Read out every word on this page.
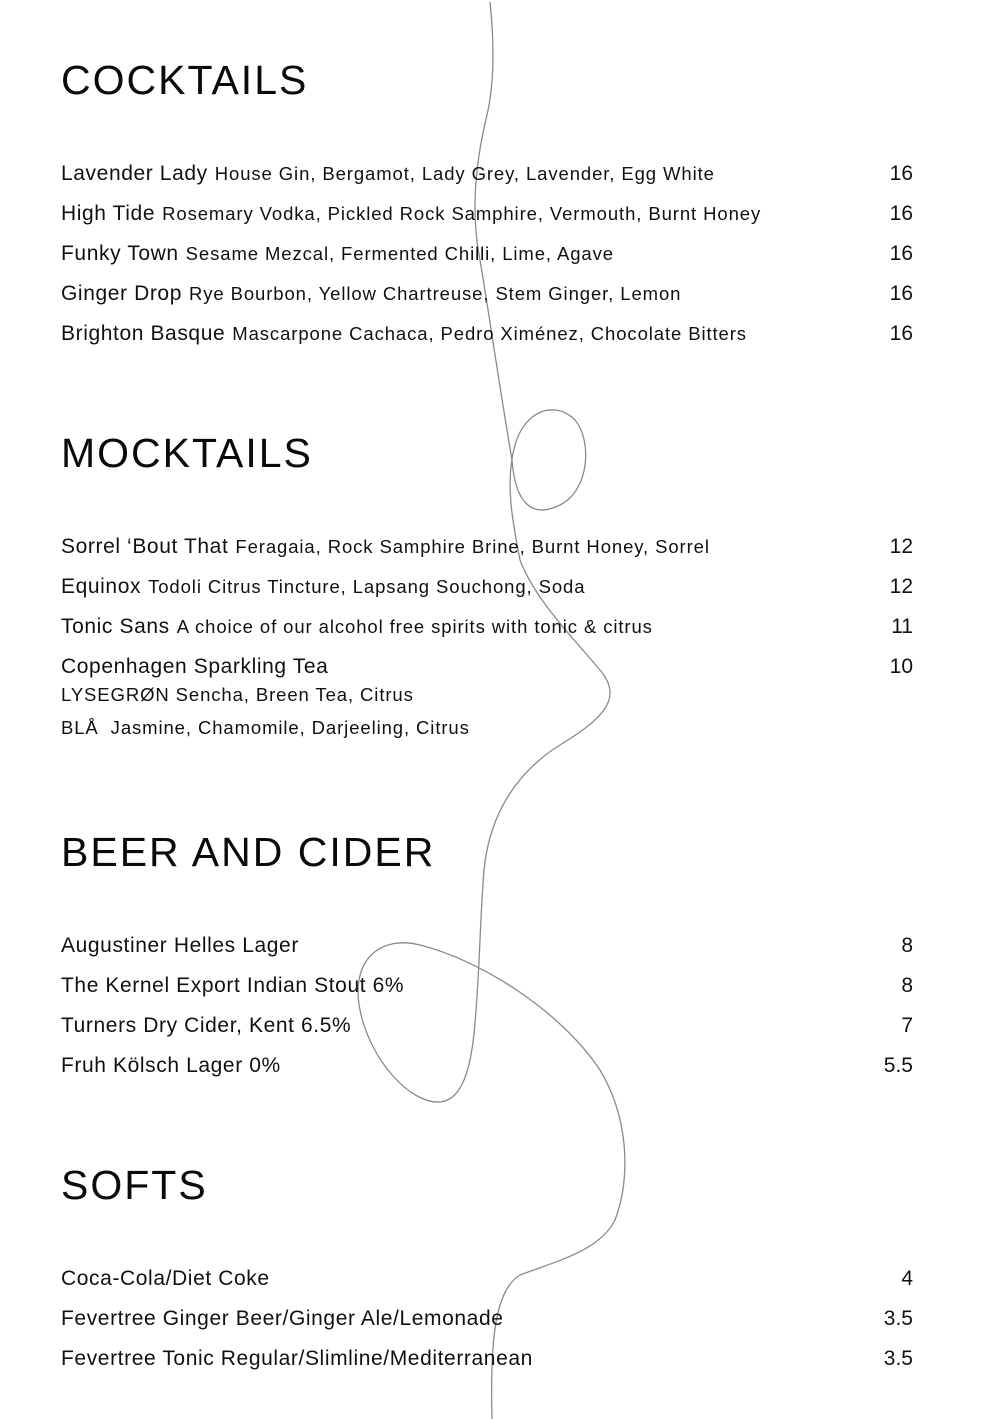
COCKTAILS
Lavender Lady House Gin, Bergamot, Lady Grey, Lavender, Egg White	16
High Tide Rosemary Vodka, Pickled Rock Samphire, Vermouth, Burnt Honey	16
Funky Town Sesame Mezcal, Fermented Chilli, Lime, Agave	16
Ginger Drop Rye Bourbon, Yellow Chartreuse, Stem Ginger, Lemon	16
Brighton Basque Mascarpone Cachaca, Pedro Ximénez, Chocolate Bitters	16
MOCKTAILS
Sorrel ‘Bout That Feragaia, Rock Samphire Brine, Burnt Honey, Sorrel	12
Equinox Todoli Citrus Tincture, Lapsang Souchong, Soda	12
Tonic Sans A choice of our alcohol free spirits with tonic & citrus	11
Copenhagen Sparkling Tea	10
LYSEGRØN Sencha, Breen Tea, Citrus
BLÅ Jasmine, Chamomile, Darjeeling, Citrus
BEER AND CIDER
Augustiner Helles Lager	8
The Kernel Export Indian Stout 6%	8
Turners Dry Cider, Kent 6.5%	7
Fruh Kölsch Lager 0%	5.5
SOFTS
Coca-Cola/Diet Coke	4
Fevertree Ginger Beer/Ginger Ale/Lemonade	3.5
Fevertree Tonic Regular/Slimline/Mediterranean	3.5
